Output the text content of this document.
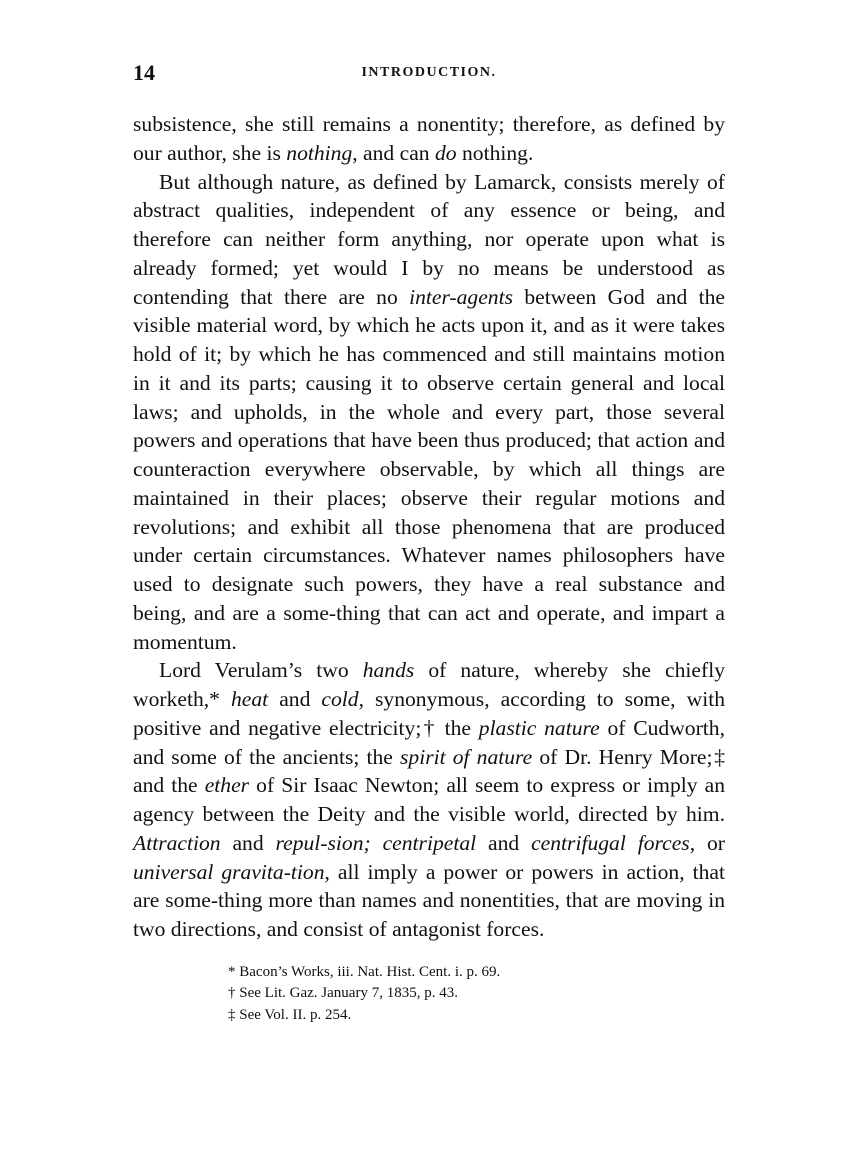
14	INTRODUCTION.

subsistence, she still remains a nonentity; therefore, as defined by our author, she is nothing, and can do nothing.

But although nature, as defined by Lamarck, consists merely of abstract qualities, independent of any essence or being, and therefore can neither form anything, nor operate upon what is already formed; yet would I by no means be understood as contending that there are no inter-agents between God and the visible material word, by which he acts upon it, and as it were takes hold of it; by which he has commenced and still maintains motion in it and its parts; causing it to observe certain general and local laws; and upholds, in the whole and every part, those several powers and operations that have been thus produced; that action and counteraction everywhere observable, by which all things are maintained in their places; observe their regular motions and revolutions; and exhibit all those phenomena that are produced under certain circumstances. Whatever names philosophers have used to designate such powers, they have a real substance and being, and are a some-thing that can act and operate, and impart a momentum.

Lord Verulam’s two hands of nature, whereby she chiefly worketh,* heat and cold, synonymous, according to some, with positive and negative electricity;† the plastic nature of Cudworth, and some of the ancients; the spirit of nature of Dr. Henry More;‡ and the ether of Sir Isaac Newton; all seem to express or imply an agency between the Deity and the visible world, directed by him. Attraction and repul-sion; centripetal and centrifugal forces, or universal gravita-tion, all imply a power or powers in action, that are some-thing more than names and nonentities, that are moving in two directions, and consist of antagonist forces.

* Bacon’s Works, iii. Nat. Hist. Cent. i. p. 69.

† See Lit. Gaz. January 7, 1835, p. 43.

‡ See Vol. II. p. 254.
